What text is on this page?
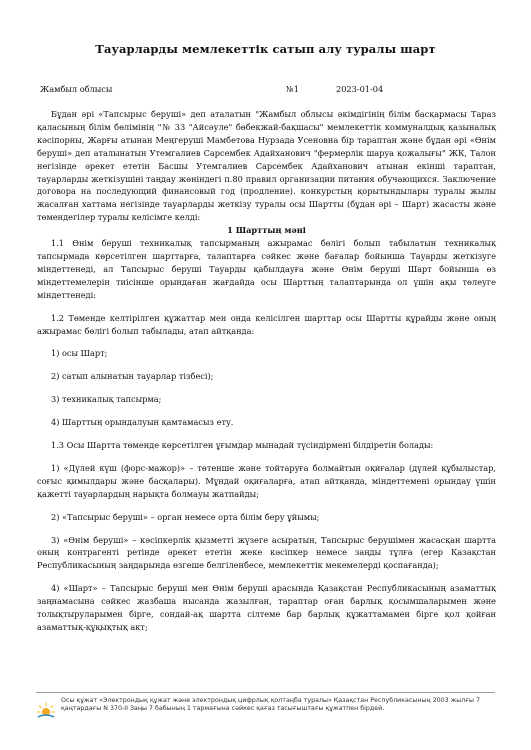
Тауарларды мемлекеттік сатып алу туралы шарт
Жамбыл облысы	№1	2023-01-04

Бұдан әрі «Тапсырыс беруші» деп аталатын "Жамбыл облысы әкімдігінің білім басқармасы Тараз қаласының білім бөлімінің "№ 33 "Айсәуле" бөбекжай-бақшасы" мемлекеттік коммуналдық қазыналық кәсіпорны, Жарғы атынан Меңгеруші Мамбетова Нурзада Усеновна бір тараптан және бұдан әрі «Өнім беруші» деп аталынатын Утемгалиев Сарсембек Адайханович "фермерлік шаруа қожалығы" ЖК, Талон негізінде әрекет ететін Басшы Утемгалиев Сарсембек Адайханович атынан екінші тараптан, тауарларды жеткізушіні таңдау жөніндегі п.80 правил организации питания обучающихся. Заключение договора на последующий финансовый год (продление). конкурстың қорытындылары туралы жылы жасалған хаттама негізінде тауарларды жеткізу туралы осы Шартты (бұдан әрі – Шарт) жасасты және төмендегілер туралы келісімге келді:

1 Шарттың мәні

1.1 Өнім беруші техникалық тапсырманың ажырамас бөлігі болып табылатын техникалық тапсырмада көрсетілген шарттарға, талаптарға сәйкес және бағалар бойынша Тауарды жеткізуге міндеттенеді, ал Тапсырыс беруші Тауарды қабылдауға және Өнім беруші Шарт бойынша өз міндеттемелерін тиісінше орындаған жағдайда осы Шарттың талаптарында ол үшін ақы төлеуге міндеттенеді:

1.2 Төменде келтірілген құжаттар мен онда келісілген шарттар осы Шартты құрайды және оның ажырамас бөлігі болып табылады, атап айтқанда:

1) осы Шарт;

2) сатып алынатын тауарлар тізбесі);

3) техникалық тапсырма;

4) Шарттың орындалуын қамтамасыз ету.

1.3 Осы Шартта төменде көрсетілген ұғымдар мынадай түсіндірмені білдіретін болады:

1) «Дүлей күш (форс-мажор)» – төтенше және тойтаруға болмайтын оқиғалар (дүлей құбылыстар, соғыс қимылдары және басқалары). Мұндай оқиғаларға, атап айтқанда, міндеттемені орындау үшін қажетті тауарлардың нарықта болмауы жатпайды;

2) «Тапсырыс беруші» – орган немесе орта білім беру ұйымы;

3) «Өнім беруші» – кәсіпкерлік қызметті жүзеге асыратын, Тапсырыс берушімен жасасқан шартта оның контрагенті ретінде әрекет ететін жеке кәсіпкер немесе заңды тұлға (егер Қазақстан Республикасының заңдарында өзгеше белгіленбесе, мемлекеттік мекемелерді қоспағанда);

4) «Шарт» – Тапсырыс беруші мен Өнім беруші арасында Қазақстан Республикасының азаматтық заңнамасына сәйкес жазбаша нысанда жазылған, тараптар оған барлық қосымшаларымен және толықтыруларымен бірге, сондай-ақ шартта сілтеме бар барлық құжаттамамен бірге қол қойған азаматтық-құқықтық акт;

Осы құжат «Электрондық құжат және электрондық цифрлық қолтаңба туралы» Қазақстан Республикасының 2003 жылғы 7 қаңтардағы N 370-II Заңы 7 бабының 1 тармағына сәйкес қағаз тасығыштағы құжатпен бірдей.
